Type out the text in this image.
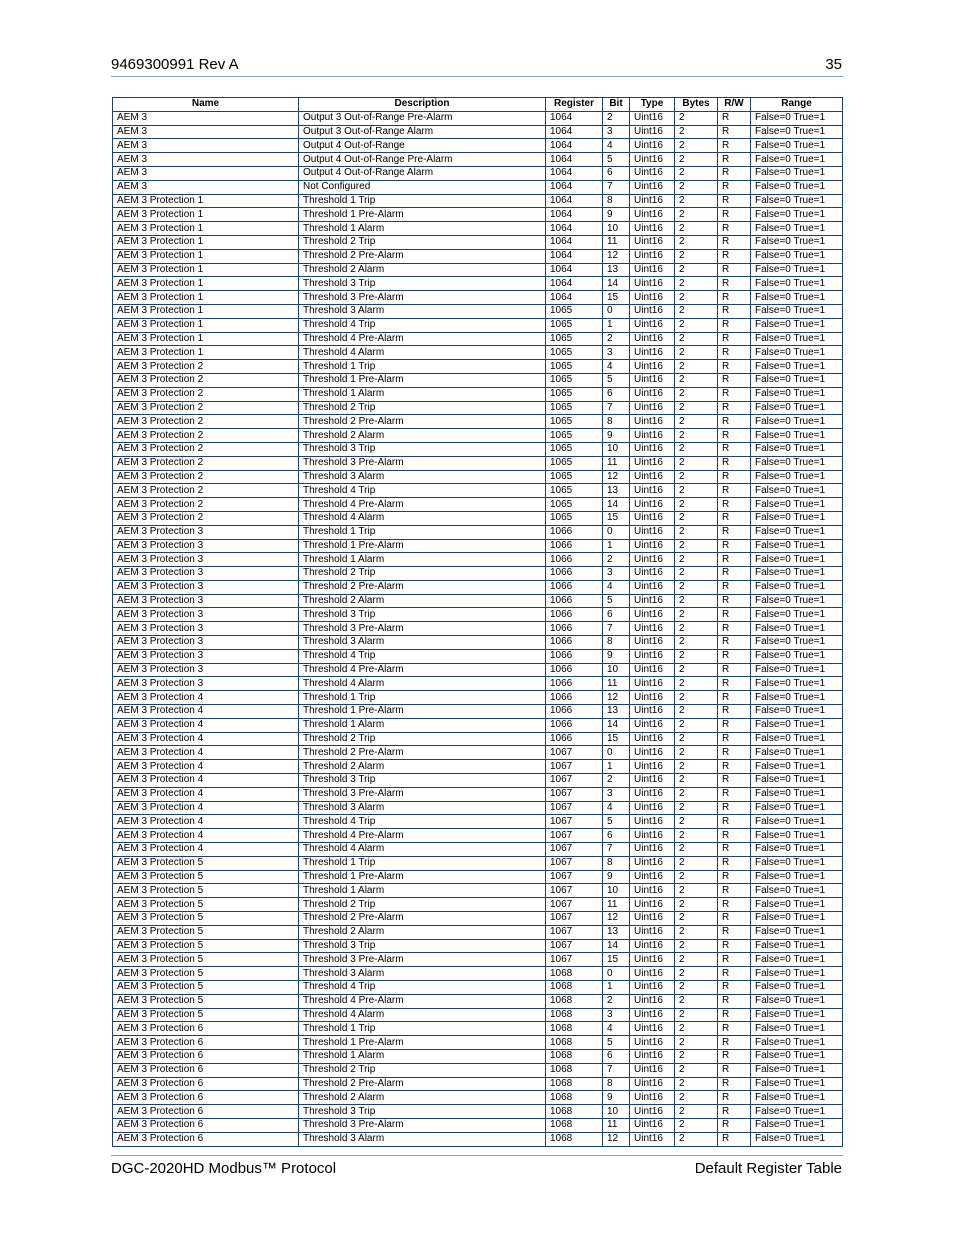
9469300991 Rev A	35
Name	Description	Register	Bit	Type	Bytes	R/W	Range
AEM 3	Output 3 Out-of-Range Pre-Alarm	1064	2	Uint16	2	R	False=0 True=1
AEM 3	Output 3 Out-of-Range Alarm	1064	3	Uint16	2	R	False=0 True=1
AEM 3	Output 4 Out-of-Range	1064	4	Uint16	2	R	False=0 True=1
AEM 3	Output 4 Out-of-Range Pre-Alarm	1064	5	Uint16	2	R	False=0 True=1
AEM 3	Output 4 Out-of-Range Alarm	1064	6	Uint16	2	R	False=0 True=1
AEM 3	Not Configured	1064	7	Uint16	2	R	False=0 True=1
AEM 3 Protection 1	Threshold 1 Trip	1064	8	Uint16	2	R	False=0 True=1
AEM 3 Protection 1	Threshold 1 Pre-Alarm	1064	9	Uint16	2	R	False=0 True=1
AEM 3 Protection 1	Threshold 1 Alarm	1064	10	Uint16	2	R	False=0 True=1
AEM 3 Protection 1	Threshold 2 Trip	1064	11	Uint16	2	R	False=0 True=1
AEM 3 Protection 1	Threshold 2 Pre-Alarm	1064	12	Uint16	2	R	False=0 True=1
AEM 3 Protection 1	Threshold 2 Alarm	1064	13	Uint16	2	R	False=0 True=1
AEM 3 Protection 1	Threshold 3 Trip	1064	14	Uint16	2	R	False=0 True=1
AEM 3 Protection 1	Threshold 3 Pre-Alarm	1064	15	Uint16	2	R	False=0 True=1
AEM 3 Protection 1	Threshold 3 Alarm	1065	0	Uint16	2	R	False=0 True=1
AEM 3 Protection 1	Threshold 4 Trip	1065	1	Uint16	2	R	False=0 True=1
AEM 3 Protection 1	Threshold 4 Pre-Alarm	1065	2	Uint16	2	R	False=0 True=1
AEM 3 Protection 1	Threshold 4 Alarm	1065	3	Uint16	2	R	False=0 True=1
AEM 3 Protection 2	Threshold 1 Trip	1065	4	Uint16	2	R	False=0 True=1
AEM 3 Protection 2	Threshold 1 Pre-Alarm	1065	5	Uint16	2	R	False=0 True=1
AEM 3 Protection 2	Threshold 1 Alarm	1065	6	Uint16	2	R	False=0 True=1
AEM 3 Protection 2	Threshold 2 Trip	1065	7	Uint16	2	R	False=0 True=1
AEM 3 Protection 2	Threshold 2 Pre-Alarm	1065	8	Uint16	2	R	False=0 True=1
AEM 3 Protection 2	Threshold 2 Alarm	1065	9	Uint16	2	R	False=0 True=1
AEM 3 Protection 2	Threshold 3 Trip	1065	10	Uint16	2	R	False=0 True=1
AEM 3 Protection 2	Threshold 3 Pre-Alarm	1065	11	Uint16	2	R	False=0 True=1
AEM 3 Protection 2	Threshold 3 Alarm	1065	12	Uint16	2	R	False=0 True=1
AEM 3 Protection 2	Threshold 4 Trip	1065	13	Uint16	2	R	False=0 True=1
AEM 3 Protection 2	Threshold 4 Pre-Alarm	1065	14	Uint16	2	R	False=0 True=1
AEM 3 Protection 2	Threshold 4 Alarm	1065	15	Uint16	2	R	False=0 True=1
AEM 3 Protection 3	Threshold 1 Trip	1066	0	Uint16	2	R	False=0 True=1
AEM 3 Protection 3	Threshold 1 Pre-Alarm	1066	1	Uint16	2	R	False=0 True=1
AEM 3 Protection 3	Threshold 1 Alarm	1066	2	Uint16	2	R	False=0 True=1
AEM 3 Protection 3	Threshold 2 Trip	1066	3	Uint16	2	R	False=0 True=1
AEM 3 Protection 3	Threshold 2 Pre-Alarm	1066	4	Uint16	2	R	False=0 True=1
AEM 3 Protection 3	Threshold 2 Alarm	1066	5	Uint16	2	R	False=0 True=1
AEM 3 Protection 3	Threshold 3 Trip	1066	6	Uint16	2	R	False=0 True=1
AEM 3 Protection 3	Threshold 3 Pre-Alarm	1066	7	Uint16	2	R	False=0 True=1
AEM 3 Protection 3	Threshold 3 Alarm	1066	8	Uint16	2	R	False=0 True=1
AEM 3 Protection 3	Threshold 4 Trip	1066	9	Uint16	2	R	False=0 True=1
AEM 3 Protection 3	Threshold 4 Pre-Alarm	1066	10	Uint16	2	R	False=0 True=1
AEM 3 Protection 3	Threshold 4 Alarm	1066	11	Uint16	2	R	False=0 True=1
AEM 3 Protection 4	Threshold 1 Trip	1066	12	Uint16	2	R	False=0 True=1
AEM 3 Protection 4	Threshold 1 Pre-Alarm	1066	13	Uint16	2	R	False=0 True=1
AEM 3 Protection 4	Threshold 1 Alarm	1066	14	Uint16	2	R	False=0 True=1
AEM 3 Protection 4	Threshold 2 Trip	1066	15	Uint16	2	R	False=0 True=1
AEM 3 Protection 4	Threshold 2 Pre-Alarm	1067	0	Uint16	2	R	False=0 True=1
AEM 3 Protection 4	Threshold 2 Alarm	1067	1	Uint16	2	R	False=0 True=1
AEM 3 Protection 4	Threshold 3 Trip	1067	2	Uint16	2	R	False=0 True=1
AEM 3 Protection 4	Threshold 3 Pre-Alarm	1067	3	Uint16	2	R	False=0 True=1
AEM 3 Protection 4	Threshold 3 Alarm	1067	4	Uint16	2	R	False=0 True=1
AEM 3 Protection 4	Threshold 4 Trip	1067	5	Uint16	2	R	False=0 True=1
AEM 3 Protection 4	Threshold 4 Pre-Alarm	1067	6	Uint16	2	R	False=0 True=1
AEM 3 Protection 4	Threshold 4 Alarm	1067	7	Uint16	2	R	False=0 True=1
AEM 3 Protection 5	Threshold 1 Trip	1067	8	Uint16	2	R	False=0 True=1
AEM 3 Protection 5	Threshold 1 Pre-Alarm	1067	9	Uint16	2	R	False=0 True=1
AEM 3 Protection 5	Threshold 1 Alarm	1067	10	Uint16	2	R	False=0 True=1
AEM 3 Protection 5	Threshold 2 Trip	1067	11	Uint16	2	R	False=0 True=1
AEM 3 Protection 5	Threshold 2 Pre-Alarm	1067	12	Uint16	2	R	False=0 True=1
AEM 3 Protection 5	Threshold 2 Alarm	1067	13	Uint16	2	R	False=0 True=1
AEM 3 Protection 5	Threshold 3 Trip	1067	14	Uint16	2	R	False=0 True=1
AEM 3 Protection 5	Threshold 3 Pre-Alarm	1067	15	Uint16	2	R	False=0 True=1
AEM 3 Protection 5	Threshold 3 Alarm	1068	0	Uint16	2	R	False=0 True=1
AEM 3 Protection 5	Threshold 4 Trip	1068	1	Uint16	2	R	False=0 True=1
AEM 3 Protection 5	Threshold 4 Pre-Alarm	1068	2	Uint16	2	R	False=0 True=1
AEM 3 Protection 5	Threshold 4 Alarm	1068	3	Uint16	2	R	False=0 True=1
AEM 3 Protection 6	Threshold 1 Trip	1068	4	Uint16	2	R	False=0 True=1
AEM 3 Protection 6	Threshold 1 Pre-Alarm	1068	5	Uint16	2	R	False=0 True=1
AEM 3 Protection 6	Threshold 1 Alarm	1068	6	Uint16	2	R	False=0 True=1
AEM 3 Protection 6	Threshold 2 Trip	1068	7	Uint16	2	R	False=0 True=1
AEM 3 Protection 6	Threshold 2 Pre-Alarm	1068	8	Uint16	2	R	False=0 True=1
AEM 3 Protection 6	Threshold 2 Alarm	1068	9	Uint16	2	R	False=0 True=1
AEM 3 Protection 6	Threshold 3 Trip	1068	10	Uint16	2	R	False=0 True=1
AEM 3 Protection 6	Threshold 3 Pre-Alarm	1068	11	Uint16	2	R	False=0 True=1
AEM 3 Protection 6	Threshold 3 Alarm	1068	12	Uint16	2	R	False=0 True=1
DGC-2020HD Modbus™ Protocol	Default Register Table
